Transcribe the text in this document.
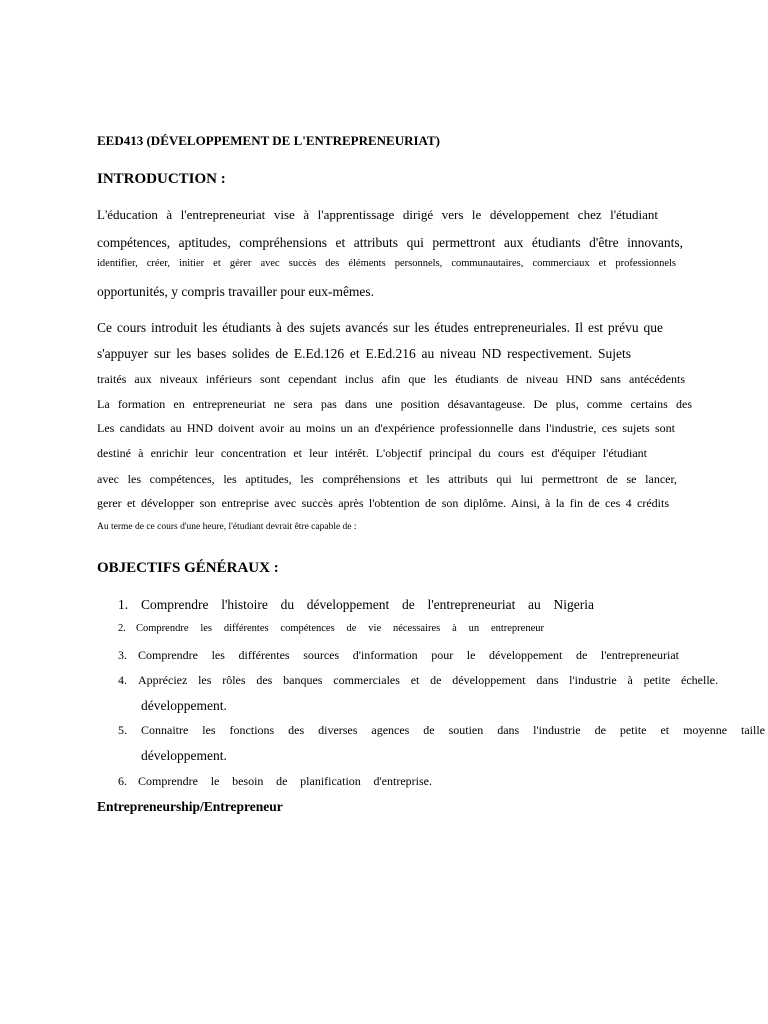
EED413 (DÉVELOPPEMENT DE L'ENTREPRENEURIAT)
INTRODUCTION :
L'éducation à l'entrepreneuriat vise à l'apprentissage dirigé vers le développement chez l'étudiant
compétences, aptitudes, compréhensions et attributs qui permettront aux étudiants d'être innovants,
identifier, créer, initier et gérer avec succès des éléments personnels, communautaires, commerciaux et professionnels
opportunités, y compris travailler pour eux-mêmes.
Ce cours introduit les étudiants à des sujets avancés sur les études entrepreneuriales. Il est prévu que
s'appuyer sur les bases solides de E.Ed.126 et E.Ed.216 au niveau ND respectivement. Sujets
traités aux niveaux inférieurs sont cependant inclus afin que les étudiants de niveau HND sans antécédents
La formation en entrepreneuriat ne sera pas dans une position désavantageuse. De plus, comme certains des
Les candidats au HND doivent avoir au moins un an d'expérience professionnelle dans l'industrie, ces sujets sont
destiné à enrichir leur concentration et leur intérêt. L'objectif principal du cours est d'équiper l'étudiant
avec les compétences, les aptitudes, les compréhensions et les attributs qui lui permettront de se lancer,
gerer et développer son entreprise avec succès après l'obtention de son diplôme. Ainsi, à la fin de ces 4 crédits
Au terme de ce cours d'une heure, l'étudiant devrait être capable de :
OBJECTIFS GÉNÉRAUX :
1. Comprendre l'histoire du développement de l'entrepreneuriat au Nigeria
2. Comprendre les différentes compétences de vie nécessaires à un entrepreneur
3. Comprendre les différentes sources d'information pour le développement de l'entrepreneuriat
4. Appréciez les rôles des banques commerciales et de développement dans l'industrie à petite échelle.
développement.
5. Connaitre les fonctions des diverses agences de soutien dans l'industrie de petite et moyenne taille
développement.
6. Comprendre le besoin de planification d'entreprise.
Entrepreneurship/Entrepreneur
